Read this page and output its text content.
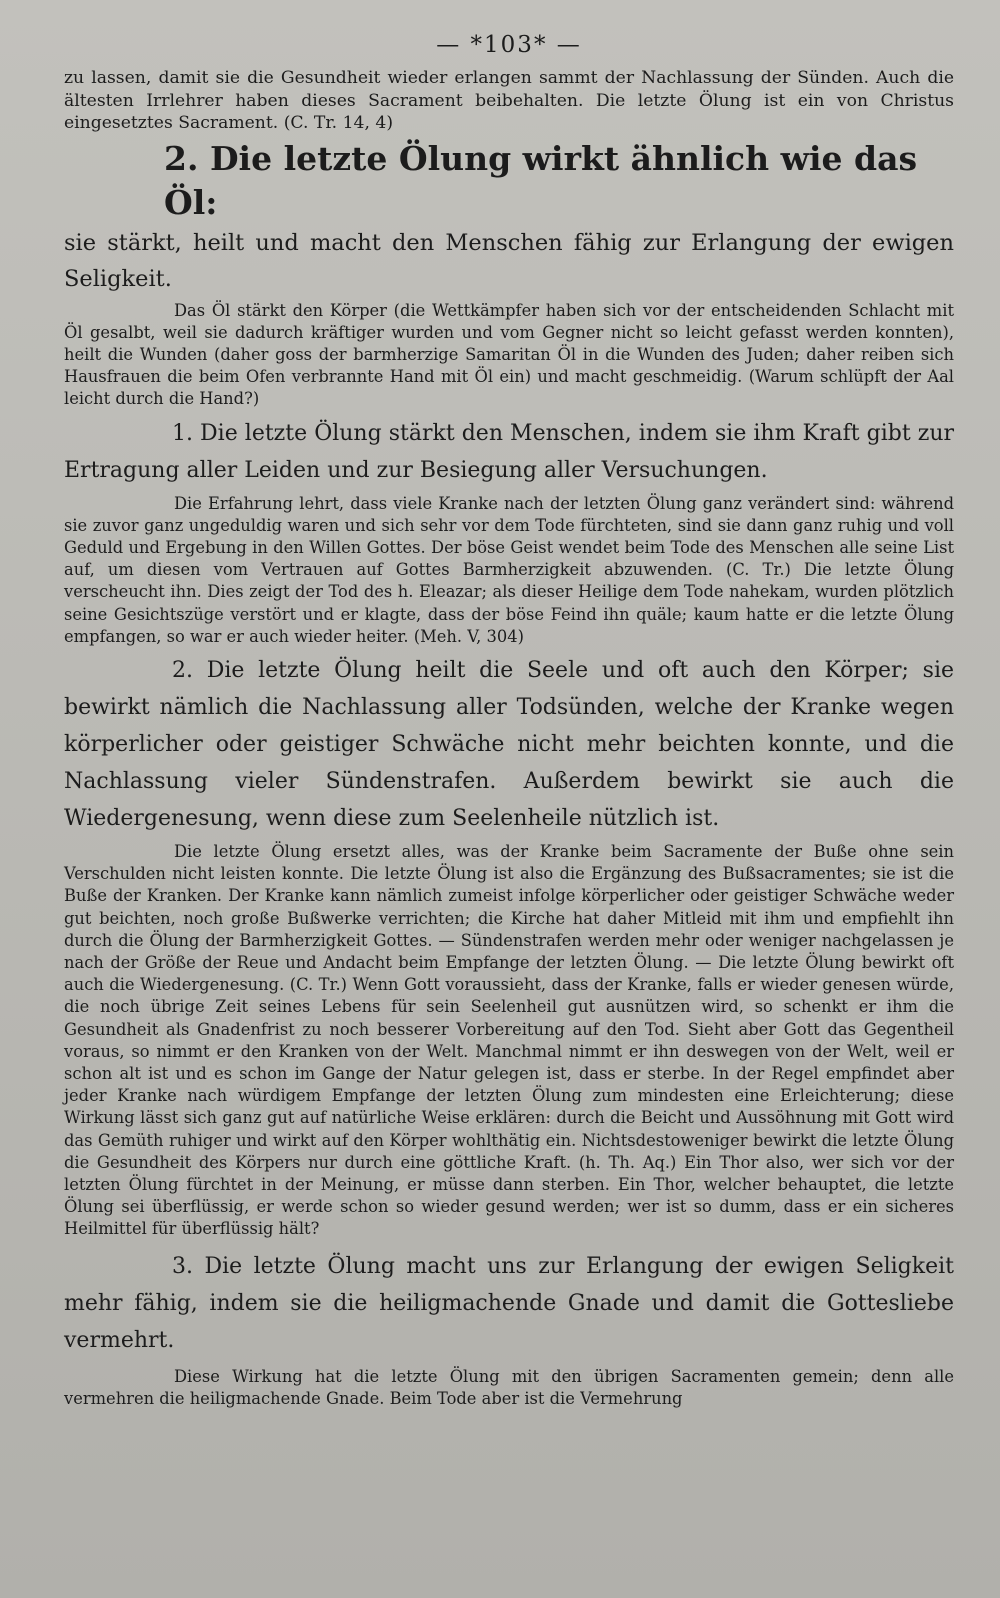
— *103* —

zu lassen, damit sie die Gesundheit wieder erlangen sammt der Nachlassung der Sünden. Auch die ältesten Irrlehrer haben dieses Sacrament beibehalten. Die letzte Ölung ist ein von Christus eingesetztes Sacrament. (C. Tr. 14, 4)

2. Die letzte Ölung wirkt ähnlich wie das Öl:

sie stärkt, heilt und macht den Menschen fähig zur Erlangung der ewigen Seligkeit.

Das Öl stärkt den Körper (die Wettkämpfer haben sich vor der entscheidenden Schlacht mit Öl gesalbt, weil sie dadurch kräftiger wurden und vom Gegner nicht so leicht gefasst werden konnten), heilt die Wunden (daher goss der barmherzige Samaritan Öl in die Wunden des Juden; daher reiben sich Hausfrauen die beim Ofen verbrannte Hand mit Öl ein) und macht geschmeidig. (Warum schlüpft der Aal leicht durch die Hand?)

1. Die letzte Ölung stärkt den Menschen, indem sie ihm Kraft gibt zur Ertragung aller Leiden und zur Besiegung aller Versuchungen.

Die Erfahrung lehrt, dass viele Kranke nach der letzten Ölung ganz verändert sind: während sie zuvor ganz ungeduldig waren und sich sehr vor dem Tode fürchteten, sind sie dann ganz ruhig und voll Geduld und Ergebung in den Willen Gottes. Der böse Geist wendet beim Tode des Menschen alle seine List auf, um diesen vom Vertrauen auf Gottes Barmherzigkeit abzuwenden. (C. Tr.) Die letzte Ölung verscheucht ihn. Dies zeigt der Tod des h. Eleazar; als dieser Heilige dem Tode nahekam, wurden plötzlich seine Gesichtszüge verstört und er klagte, dass der böse Feind ihn quäle; kaum hatte er die letzte Ölung empfangen, so war er auch wieder heiter. (Meh. V, 304)

2. Die letzte Ölung heilt die Seele und oft auch den Körper; sie bewirkt nämlich die Nachlassung aller Todsünden, welche der Kranke wegen körperlicher oder geistiger Schwäche nicht mehr beichten konnte, und die Nachlassung vieler Sündenstrafen. Außerdem bewirkt sie auch die Wiedergenesung, wenn diese zum Seelenheile nützlich ist.

Die letzte Ölung ersetzt alles, was der Kranke beim Sacramente der Buße ohne sein Verschulden nicht leisten konnte. Die letzte Ölung ist also die Ergänzung des Bußsacramentes; sie ist die Buße der Kranken. Der Kranke kann nämlich zumeist infolge körperlicher oder geistiger Schwäche weder gut beichten, noch große Bußwerke verrichten; die Kirche hat daher Mitleid mit ihm und empfiehlt ihn durch die Ölung der Barmherzigkeit Gottes. — Sündenstrafen werden mehr oder weniger nachgelassen je nach der Größe der Reue und Andacht beim Empfange der letzten Ölung. — Die letzte Ölung bewirkt oft auch die Wiedergenesung. (C. Tr.) Wenn Gott voraussieht, dass der Kranke, falls er wieder genesen würde, die noch übrige Zeit seines Lebens für sein Seelenheil gut ausnützen wird, so schenkt er ihm die Gesundheit als Gnadenfrist zu noch besserer Vorbereitung auf den Tod. Sieht aber Gott das Gegentheil voraus, so nimmt er den Kranken von der Welt. Manchmal nimmt er ihn deswegen von der Welt, weil er schon alt ist und es schon im Gange der Natur gelegen ist, dass er sterbe. In der Regel empfindet aber jeder Kranke nach würdigem Empfange der letzten Ölung zum mindesten eine Erleichterung; diese Wirkung lässt sich ganz gut auf natürliche Weise erklären: durch die Beicht und Aussöhnung mit Gott wird das Gemüth ruhiger und wirkt auf den Körper wohlthätig ein. Nichtsdestoweniger bewirkt die letzte Ölung die Gesundheit des Körpers nur durch eine göttliche Kraft. (h. Th. Aq.) Ein Thor also, wer sich vor der letzten Ölung fürchtet in der Meinung, er müsse dann sterben. Ein Thor, welcher behauptet, die letzte Ölung sei überflüssig, er werde schon so wieder gesund werden; wer ist so dumm, dass er ein sicheres Heilmittel für überflüssig hält?

3. Die letzte Ölung macht uns zur Erlangung der ewigen Seligkeit mehr fähig, indem sie die heiligmachende Gnade und damit die Gottesliebe vermehrt.

Diese Wirkung hat die letzte Ölung mit den übrigen Sacramenten gemein; denn alle vermehren die heiligmachende Gnade. Beim Tode aber ist die Vermehrung
